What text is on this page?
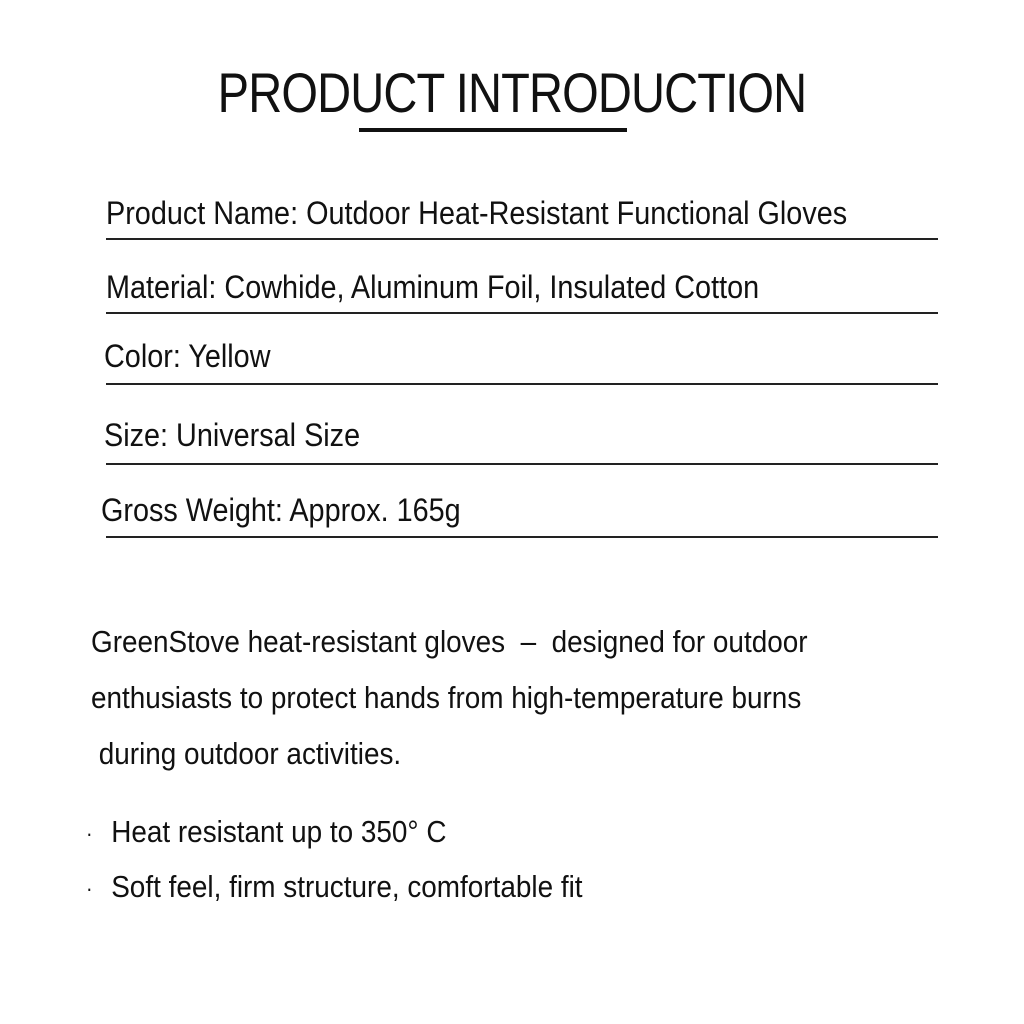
PRODUCT INTRODUCTION
Product Name: Outdoor Heat-Resistant Functional Gloves
Material: Cowhide, Aluminum Foil, Insulated Cotton
Color: Yellow
Size: Universal Size
Gross Weight: Approx. 165g
GreenStove heat-resistant gloves  –  designed for outdoor
enthusiasts to protect hands from high-temperature burns
during outdoor activities.
· Heat resistant up to 350° C
· Soft feel, firm structure, comfortable fit
